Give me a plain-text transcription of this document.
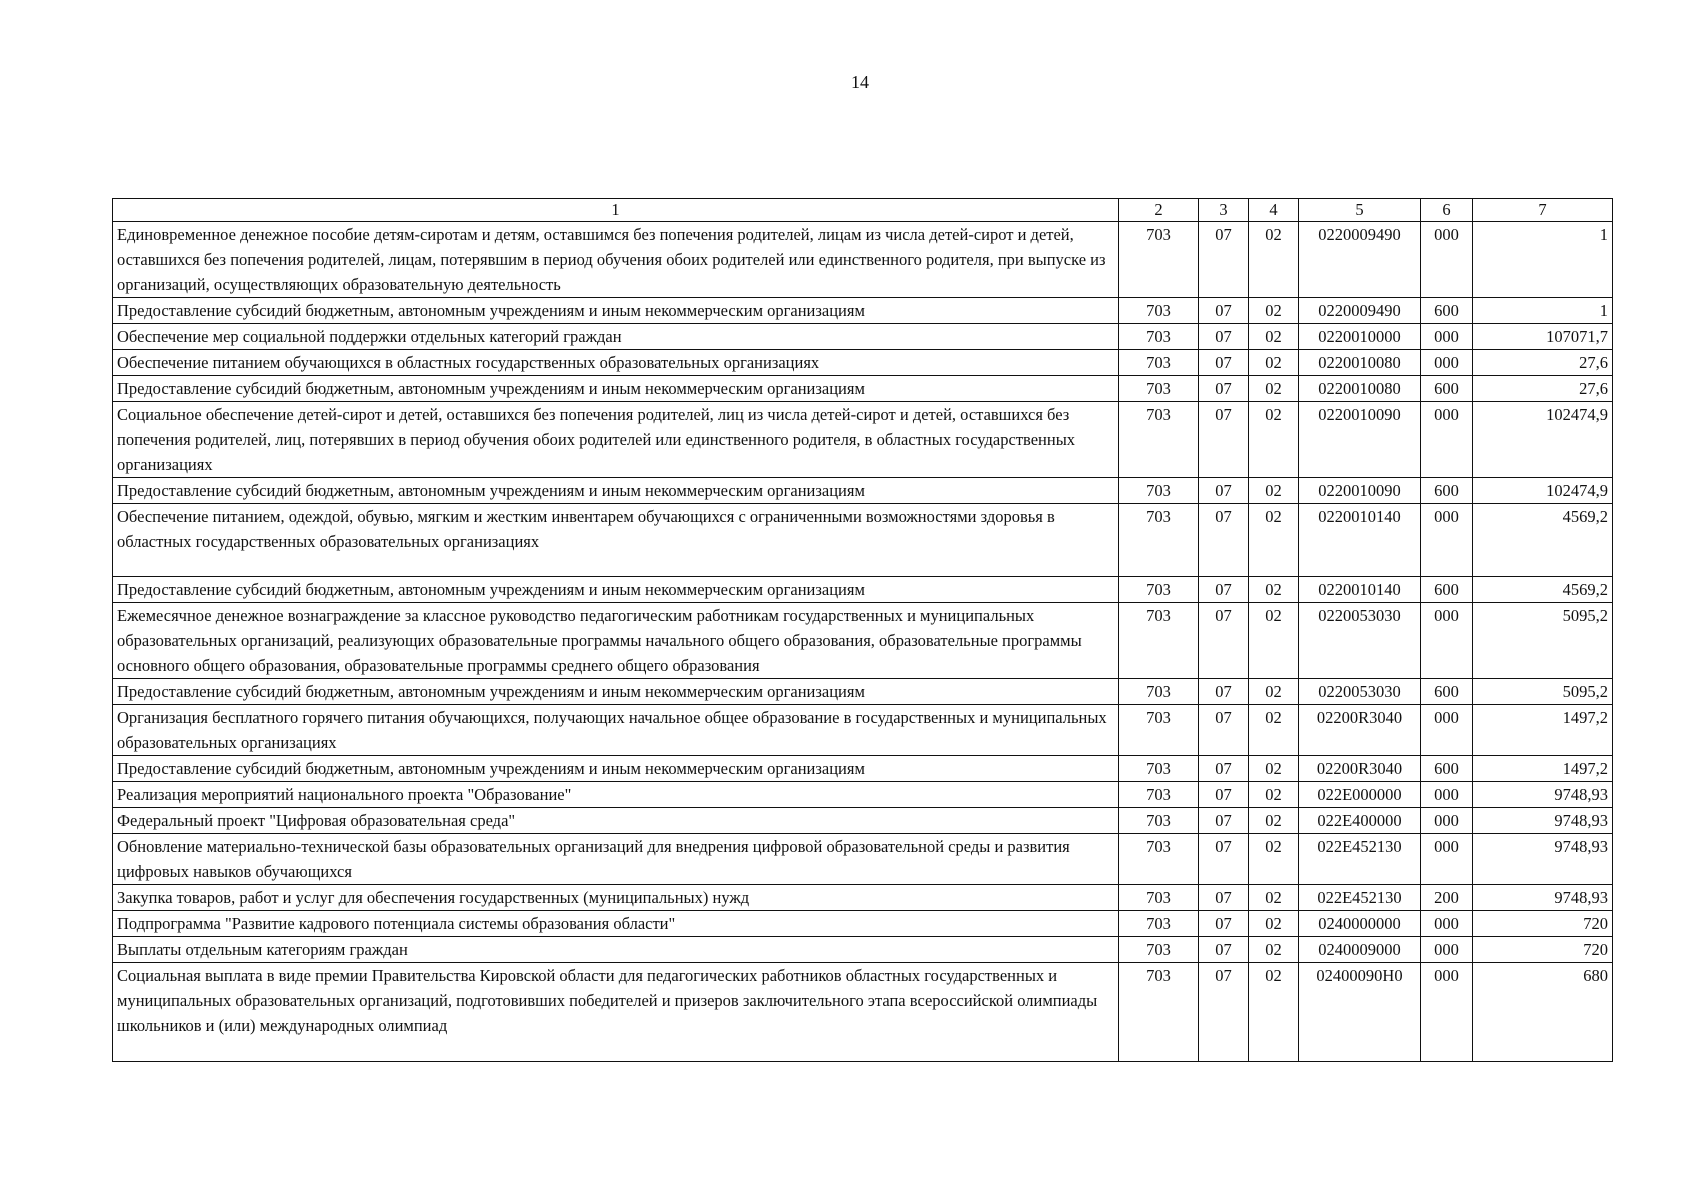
14
1	2	3	4	5	6	7
Единовременное денежное пособие детям-сиротам и детям, оставшимся без попечения родителей, лицам из числа детей-сирот и детей, оставшихся без попечения родителей, лицам, потерявшим в период обучения обоих родителей или единственного родителя, при выпуске из организаций, осуществляющих образовательную деятельность	703	07	02	0220009490	000	1
Предоставление субсидий бюджетным, автономным учреждениям и иным некоммерческим организациям	703	07	02	0220009490	600	1
Обеспечение мер социальной поддержки отдельных категорий граждан	703	07	02	0220010000	000	107071,7
Обеспечение питанием обучающихся в областных государственных образовательных организациях	703	07	02	0220010080	000	27,6
Предоставление субсидий бюджетным, автономным учреждениям и иным некоммерческим организациям	703	07	02	0220010080	600	27,6
Социальное обеспечение детей-сирот и детей, оставшихся без попечения родителей, лиц из числа детей-сирот и детей, оставшихся без попечения родителей, лиц, потерявших в период обучения обоих родителей или единственного родителя, в областных государственных организациях	703	07	02	0220010090	000	102474,9
Предоставление субсидий бюджетным, автономным учреждениям и иным некоммерческим организациям	703	07	02	0220010090	600	102474,9
Обеспечение питанием, одеждой, обувью, мягким и жестким инвентарем обучающихся с ограниченными возможностями здоровья в областных государственных образовательных организациях	703	07	02	0220010140	000	4569,2
Предоставление субсидий бюджетным, автономным учреждениям и иным некоммерческим организациям	703	07	02	0220010140	600	4569,2
Ежемесячное денежное вознаграждение за классное руководство педагогическим работникам государственных и муниципальных образовательных организаций, реализующих образовательные программы начального общего образования, образовательные программы основного общего образования, образовательные программы среднего общего образования	703	07	02	0220053030	000	5095,2
Предоставление субсидий бюджетным, автономным учреждениям и иным некоммерческим организациям	703	07	02	0220053030	600	5095,2
Организация бесплатного горячего питания обучающихся, получающих начальное общее образование в государственных и муниципальных образовательных организациях	703	07	02	02200R3040	000	1497,2
Предоставление субсидий бюджетным, автономным учреждениям и иным некоммерческим организациям	703	07	02	02200R3040	600	1497,2
Реализация мероприятий национального проекта "Образование"	703	07	02	022E000000	000	9748,93
Федеральный проект "Цифровая образовательная среда"	703	07	02	022E400000	000	9748,93
Обновление материально-технической базы образовательных организаций для внедрения цифровой образовательной среды и развития цифровых навыков обучающихся	703	07	02	022E452130	000	9748,93
Закупка товаров, работ и услуг для обеспечения государственных (муниципальных) нужд	703	07	02	022E452130	200	9748,93
Подпрограмма "Развитие кадрового потенциала системы образования области"	703	07	02	0240000000	000	720
Выплаты отдельным категориям граждан	703	07	02	0240009000	000	720
Социальная выплата в виде премии Правительства Кировской области для педагогических работников областных государственных и муниципальных образовательных организаций, подготовивших победителей и призеров заключительного этапа всероссийской олимпиады школьников и (или) международных олимпиад	703	07	02	02400090Н0	000	680
